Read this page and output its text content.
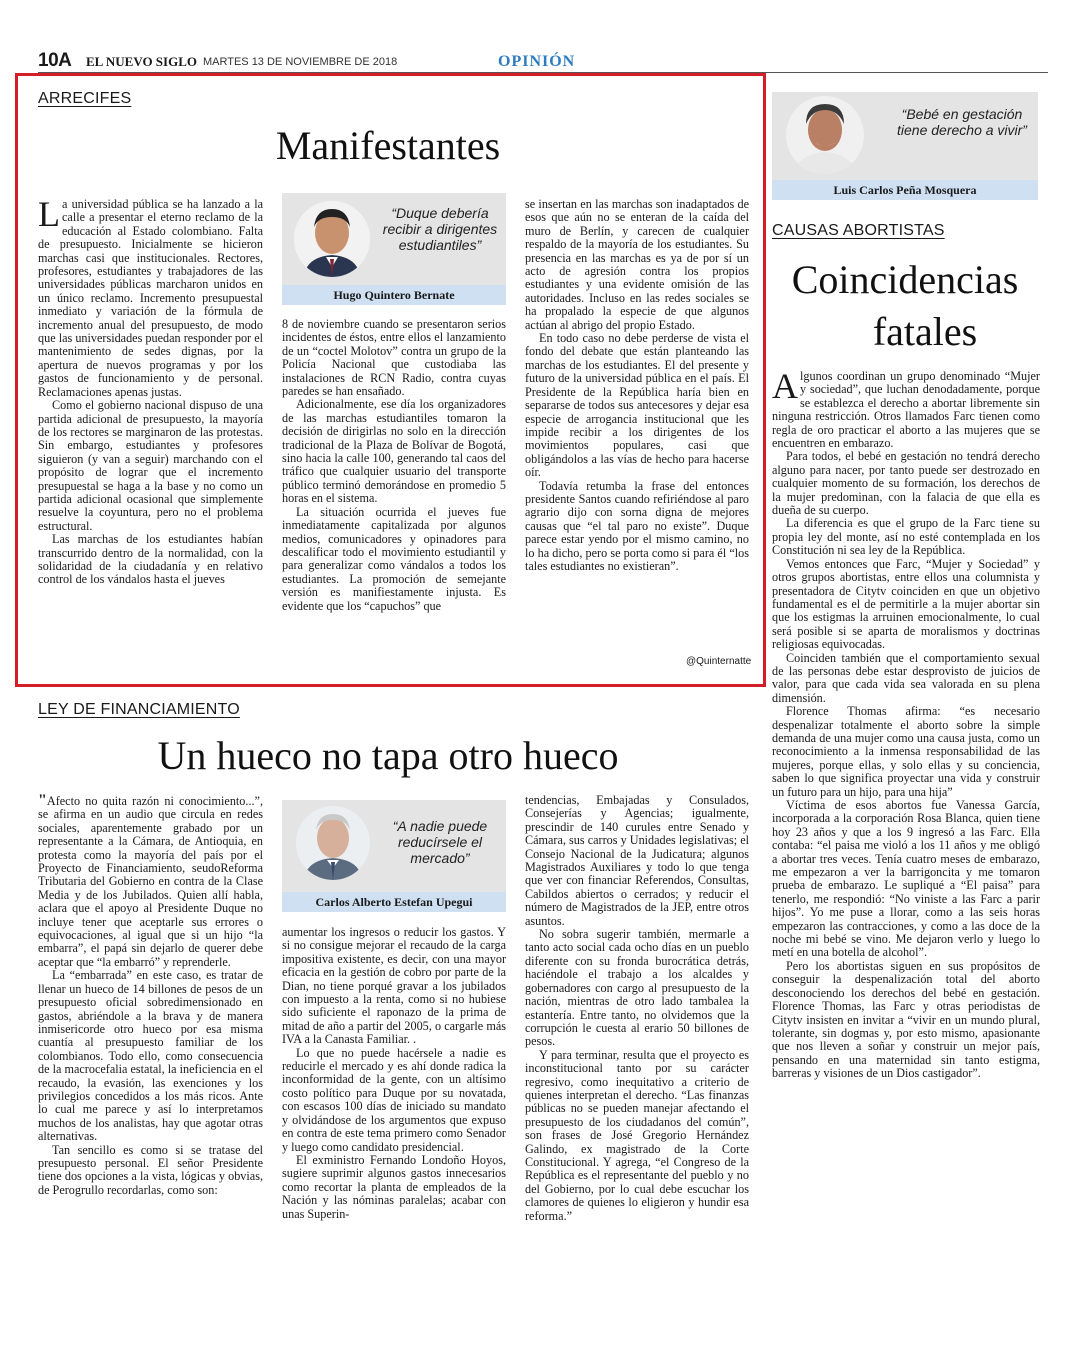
10A EL NUEVO SIGLO MARTES 13 DE NOVIEMBRE DE 2018	OPINIÓN
ARRECIFES
Manifestantes

La universidad pública se ha lanzado a la calle a presentar el eterno reclamo de la educación al Estado colombiano. Falta de presupuesto. Inicialmente se hicieron marchas casi que institucionales. Rectores, profesores, estudiantes y trabajadores de las universidades públicas marcharon unidos en un único reclamo. Incremento presupuestal inmediato y variación de la fórmula de incremento anual del presupuesto, de modo que las universidades puedan responder por el mantenimiento de sedes dignas, por la apertura de nuevos programas y por los gastos de funcionamiento y de personal. Reclamaciones apenas justas.

Como el gobierno nacional dispuso de una partida adicional de presupuesto, la mayoría de los rectores se marginaron de las protestas. Sin embargo, estudiantes y profesores siguieron (y van a seguir) marchando con el propósito de lograr que el incremento presupuestal se haga a la base y no como un partida adicional ocasional que simplemente resuelve la coyuntura, pero no el problema estructural.

Las marchas de los estudiantes habían transcurrido dentro de la normalidad, con la solidaridad de la ciudadanía y en relativo control de los vándalos hasta el jueves

“Duque debería recibir a dirigentes estudiantiles”
Hugo Quintero Bernate

8 de noviembre cuando se presentaron serios incidentes de éstos, entre ellos el lanzamiento de un “coctel Molotov” contra un grupo de la Policía Nacional que custodiaba las instalaciones de RCN Radio, contra cuyas paredes se han ensañado.

Adicionalmente, ese día los organizadores de las marchas estudiantiles tomaron la decisión de dirigirlas no solo en la dirección tradicional de la Plaza de Bolívar de Bogotá, sino hacia la calle 100, generando tal caos del tráfico que cualquier usuario del transporte público terminó demorándose en promedio 5 horas en el sistema.

La situación ocurrida el jueves fue inmediatamente capitalizada por algunos medios, comunicadores y opinadores para descalificar todo el movimiento estudiantil y para generalizar como vándalos a todos los estudiantes. La promoción de semejante versión es manifiestamente injusta. Es evidente que los “capuchos” que

se insertan en las marchas son inadaptados de esos que aún no se enteran de la caída del muro de Berlín, y carecen de cualquier respaldo de la mayoría de los estudiantes. Su presencia en las marchas es ya de por sí un acto de agresión contra los propios estudiantes y una evidente omisión de las autoridades. Incluso en las redes sociales se ha propalado la especie de que algunos actúan al abrigo del propio Estado.

En todo caso no debe perderse de vista el fondo del debate que están planteando las marchas de los estudiantes. El del presente y futuro de la universidad pública en el país. El Presidente de la República haría bien en separarse de todos sus antecesores y dejar esa especie de arrogancia institucional que les impide recibir a los dirigentes de los movimientos populares, casi que obligándolos a las vías de hecho para hacerse oír.

Todavía retumba la frase del entonces presidente Santos cuando refiriéndose al paro agrario dijo con sorna digna de mejores causas que “el tal paro no existe”. Duque parece estar yendo por el mismo camino, no lo ha dicho, pero se porta como si para él “los tales estudiantes no existieran”.

@Quinternatte
LEY DE FINANCIAMIENTO
Un hueco no tapa otro hueco

"Afecto no quita razón ni conocimiento...”, se afirma en un audio que circula en redes sociales, aparentemente grabado por un representante a la Cámara, de Antioquia, en protesta como la mayoría del país por el Proyecto de Financiamiento, seudoReforma Tributaria del Gobierno en contra de la Clase Media y de los Jubilados. Quien allí habla, aclara que el apoyo al Presidente Duque no incluye tener que aceptarle sus errores o equivocaciones, al igual que si un hijo “la embarra”, el papá sin dejarlo de querer debe aceptar que “la embarró” y reprenderle.

La “embarrada” en este caso, es tratar de llenar un hueco de 14 billones de pesos de un presupuesto oficial sobredimensionado en gastos, abriéndole a la brava y de manera inmisericorde otro hueco por esa misma cuantía al presupuesto familiar de los colombianos. Todo ello, como consecuencia de la macrocefalia estatal, la ineficiencia en el recaudo, la evasión, las exenciones y los privilegios concedidos a los más ricos. Ante lo cual me parece y así lo interpretamos muchos de los analistas, hay que agotar otras alternativas.

Tan sencillo es como si se tratase del presupuesto personal. El señor Presidente tiene dos opciones a la vista, lógicas y obvias, de Perogrullo recordarlas, como son:

“A nadie puede reducírsele el mercado”
Carlos Alberto Estefan Upegui

aumentar los ingresos o reducir los gastos. Y si no consigue mejorar el recaudo de la carga impositiva existente, es decir, con una mayor eficacia en la gestión de cobro por parte de la Dian, no tiene porqué gravar a los jubilados con impuesto a la renta, como si no hubiese sido suficiente el raponazo de la prima de mitad de año a partir del 2005, o cargarle más IVA a la Canasta Familiar. .

Lo que no puede hacérsele a nadie es reducirle el mercado y es ahí donde radica la inconformidad de la gente, con un altísimo costo político para Duque por su novatada, con escasos 100 días de iniciado su mandato y olvidándose de los argumentos que expuso en contra de este tema primero como Senador y luego como candidato presidencial.

El exministro Fernando Londoño Hoyos, sugiere suprimir algunos gastos innecesarios como recortar la planta de empleados de la Nación y las nóminas paralelas; acabar con unas Superin-

tendencias, Embajadas y Consulados, Consejerías y Agencias; igualmente, prescindir de 140 curules entre Senado y Cámara, sus carros y Unidades legislativas; el Consejo Nacional de la Judicatura; algunos Magistrados Auxiliares y todo lo que tenga que ver con financiar Referendos, Consultas, Cabildos abiertos o cerrados; y reducir el número de Magistrados de la JEP, entre otros asuntos.

No sobra sugerir también, mermarle a tanto acto social cada ocho días en un pueblo diferente con su fronda burocrática detrás, haciéndole el trabajo a los alcaldes y gobernadores con cargo al presupuesto de la nación, mientras de otro lado tambalea la estantería. Entre tanto, no olvidemos que la corrupción le cuesta al erario 50 billones de pesos.

Y para terminar, resulta que el proyecto es inconstitucional tanto por su carácter regresivo, como inequitativo a criterio de quienes interpretan el derecho. “Las finanzas públicas no se pueden manejar afectando el presupuesto de los ciudadanos del común”, son frases de José Gregorio Hernández Galindo, ex magistrado de la Corte Constitucional. Y agrega, “el Congreso de la República es el representante del pueblo y no del Gobierno, por lo cual debe escuchar los clamores de quienes lo eligieron y hundir esa reforma.”

“Bebé en gestación tiene derecho a vivir”
Luis Carlos Peña Mosquera
CAUSAS ABORTISTAS
Coincidencias
fatales

Algunos coordinan un grupo denominado “Mujer y sociedad”, que luchan denodadamente, porque se establezca el derecho a abortar libremente sin ninguna restricción. Otros llamados Farc tienen como regla de oro practicar el aborto a las mujeres que se encuentren en embarazo.

Para todos, el bebé en gestación no tendrá derecho alguno para nacer, por tanto puede ser destrozado en cualquier momento de su formación, los derechos de la mujer predominan, con la falacia de que ella es dueña de su cuerpo.

La diferencia es que el grupo de la Farc tiene su propia ley del monte, así no esté contemplada en los Constitución ni sea ley de la República.

Vemos entonces que Farc, “Mujer y Sociedad” y otros grupos abortistas, entre ellos una columnista y presentadora de Citytv coinciden en que un objetivo fundamental es el de permitirle a la mujer abortar sin que los estigmas la arruinen emocionalmente, lo cual será posible si se aparta de moralismos y doctrinas religiosas equivocadas.

Coinciden también que el comportamiento sexual de las personas debe estar desprovisto de juicios de valor, para que cada vida sea valorada en su plena dimensión.

Florence Thomas afirma: “es necesario despenalizar totalmente el aborto sobre la simple demanda de una mujer como una causa justa, como un reconocimiento a la inmensa responsabilidad de las mujeres, porque ellas, y solo ellas y su conciencia, saben lo que significa proyectar una vida y construir un futuro para un hijo, para una hija”

Víctima de esos abortos fue Vanessa García, incorporada a la corporación Rosa Blanca, quien tiene hoy 23 años y que a los 9 ingresó a las Farc. Ella contaba: “el paisa me violó a los 11 años y me obligó a abortar tres veces. Tenía cuatro meses de embarazo, me empezaron a ver la barrigoncita y me tomaron prueba de embarazo. Le supliqué a “El paisa” para tenerlo, me respondió: “No viniste a las Farc a parir hijos”. Yo me puse a llorar, como a las seis horas empezaron las contracciones, y como a las doce de la noche mi bebé se vino. Me dejaron verlo y luego lo metí en una botella de alcohol”.

Pero los abortistas siguen en sus propósitos de conseguir la despenalización total del aborto desconociendo los derechos del bebé en gestación. Florence Thomas, las Farc y otras periodistas de Citytv insisten en invitar a “vivir en un mundo plural, tolerante, sin dogmas y, por esto mismo, apasionante que nos lleven a soñar y construir un mejor país, pensando en una maternidad sin tanto estigma, barreras y visiones de un Dios castigador”.
